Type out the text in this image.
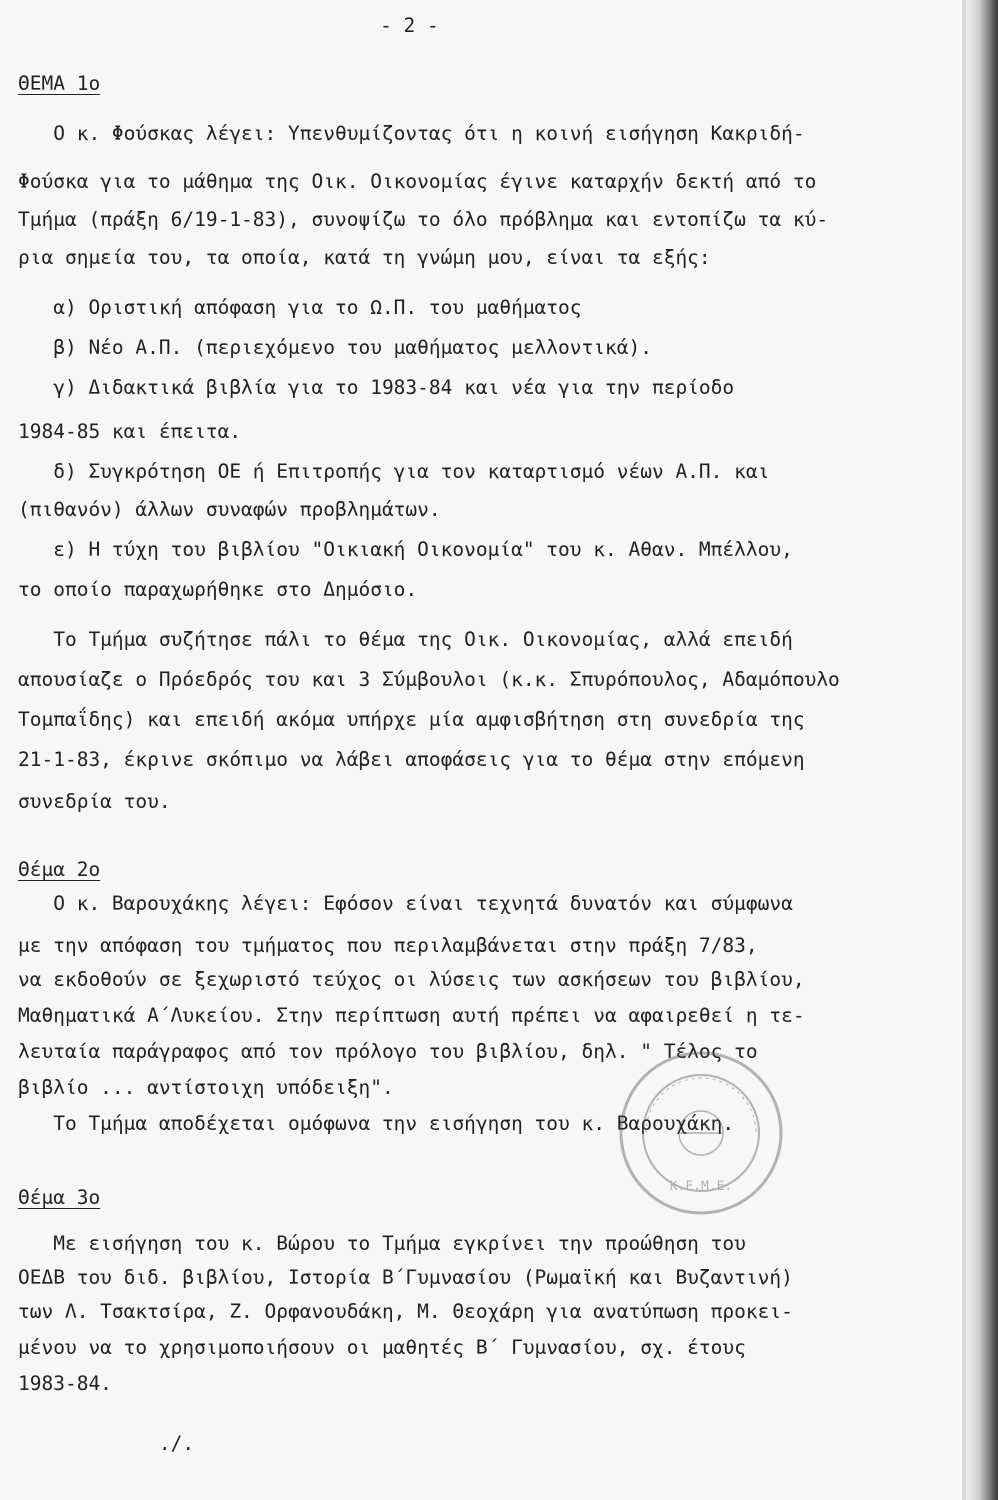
- 2 -

ΘΕΜΑ 1ο

Ο κ. Φούσκας λέγει: Υπενθυμίζοντας ότι η κοινή εισήγηση Κακριδή-

Φούσκα για το μάθημα της Οικ. Οικονομίας έγινε καταρχήν δεκτή από το

Τμήμα (πράξη 6/19-1-83), συνοψίζω το όλο πρόβλημα και εντοπίζω τα κύ-

ρια σημεία του, τα οποία, κατά τη γνώμη μου, είναι τα εξής:

α) Οριστική απόφαση για το Ω.Π. του μαθήματος

β) Νέο Α.Π. (περιεχόμενο του μαθήματος μελλοντικά).

γ) Διδακτικά βιβλία για το 1983-84 και νέα για την περίοδο

1984-85 και έπειτα.

δ) Συγκρότηση ΟΕ ή Επιτροπής για τον καταρτισμό νέων Α.Π. και

(πιθανόν) άλλων συναφών προβλημάτων.

ε) Η τύχη του βιβλίου "Οικιακή Οικονομία" του κ. Αθαν. Μπέλλου,

το οποίο παραχωρήθηκε στο Δημόσιο.

Το Τμήμα συζήτησε πάλι το θέμα της Οικ. Οικονομίας, αλλά επειδή

απουσίαζε ο Πρόεδρός του και 3 Σύμβουλοι (κ.κ. Σπυρόπουλος, Αδαμόπουλο

Τομπαΐδης) και επειδή ακόμα υπήρχε μία αμφισβήτηση στη συνεδρία της

21-1-83, έκρινε σκόπιμο να λάβει αποφάσεις για το θέμα στην επόμενη

συνεδρία του.

Θέμα 2ο

Ο κ. Βαρουχάκης λέγει: Εφόσον είναι τεχνητά δυνατόν και σύμφωνα

με την απόφαση του τμήματος που περιλαμβάνεται στην πράξη 7/83,

να εκδοθούν σε ξεχωριστό τεύχος οι λύσεις των ασκήσεων του βιβλίου,

Μαθηματικά Α΄Λυκείου. Στην περίπτωση αυτή πρέπει να αφαιρεθεί η τε-

λευταία παράγραφος από τον πρόλογο του βιβλίου, δηλ. " Τέλος το

βιβλίο ... αντίστοιχη υπόδειξη".

Το Τμήμα αποδέχεται ομόφωνα την εισήγηση του κ. Βαρουχάκη.

Θέμα 3ο

Με εισήγηση του κ. Βώρου το Τμήμα εγκρίνει την προώθηση του

ΟΕΔΒ του διδ. βιβλίου, Ιστορία Β΄Γυμνασίου (Ρωμαϊκή και Βυζαντινή)

των Λ. Τσακτσίρα, Ζ. Ορφανουδάκη, Μ. Θεοχάρη για ανατύπωση προκει-

μένου να το χρησιμοποιήσουν οι μαθητές Β΄ Γυμνασίου, σχ. έτους

1983-84.

./.

Κ.Ε.Μ.Ε.
